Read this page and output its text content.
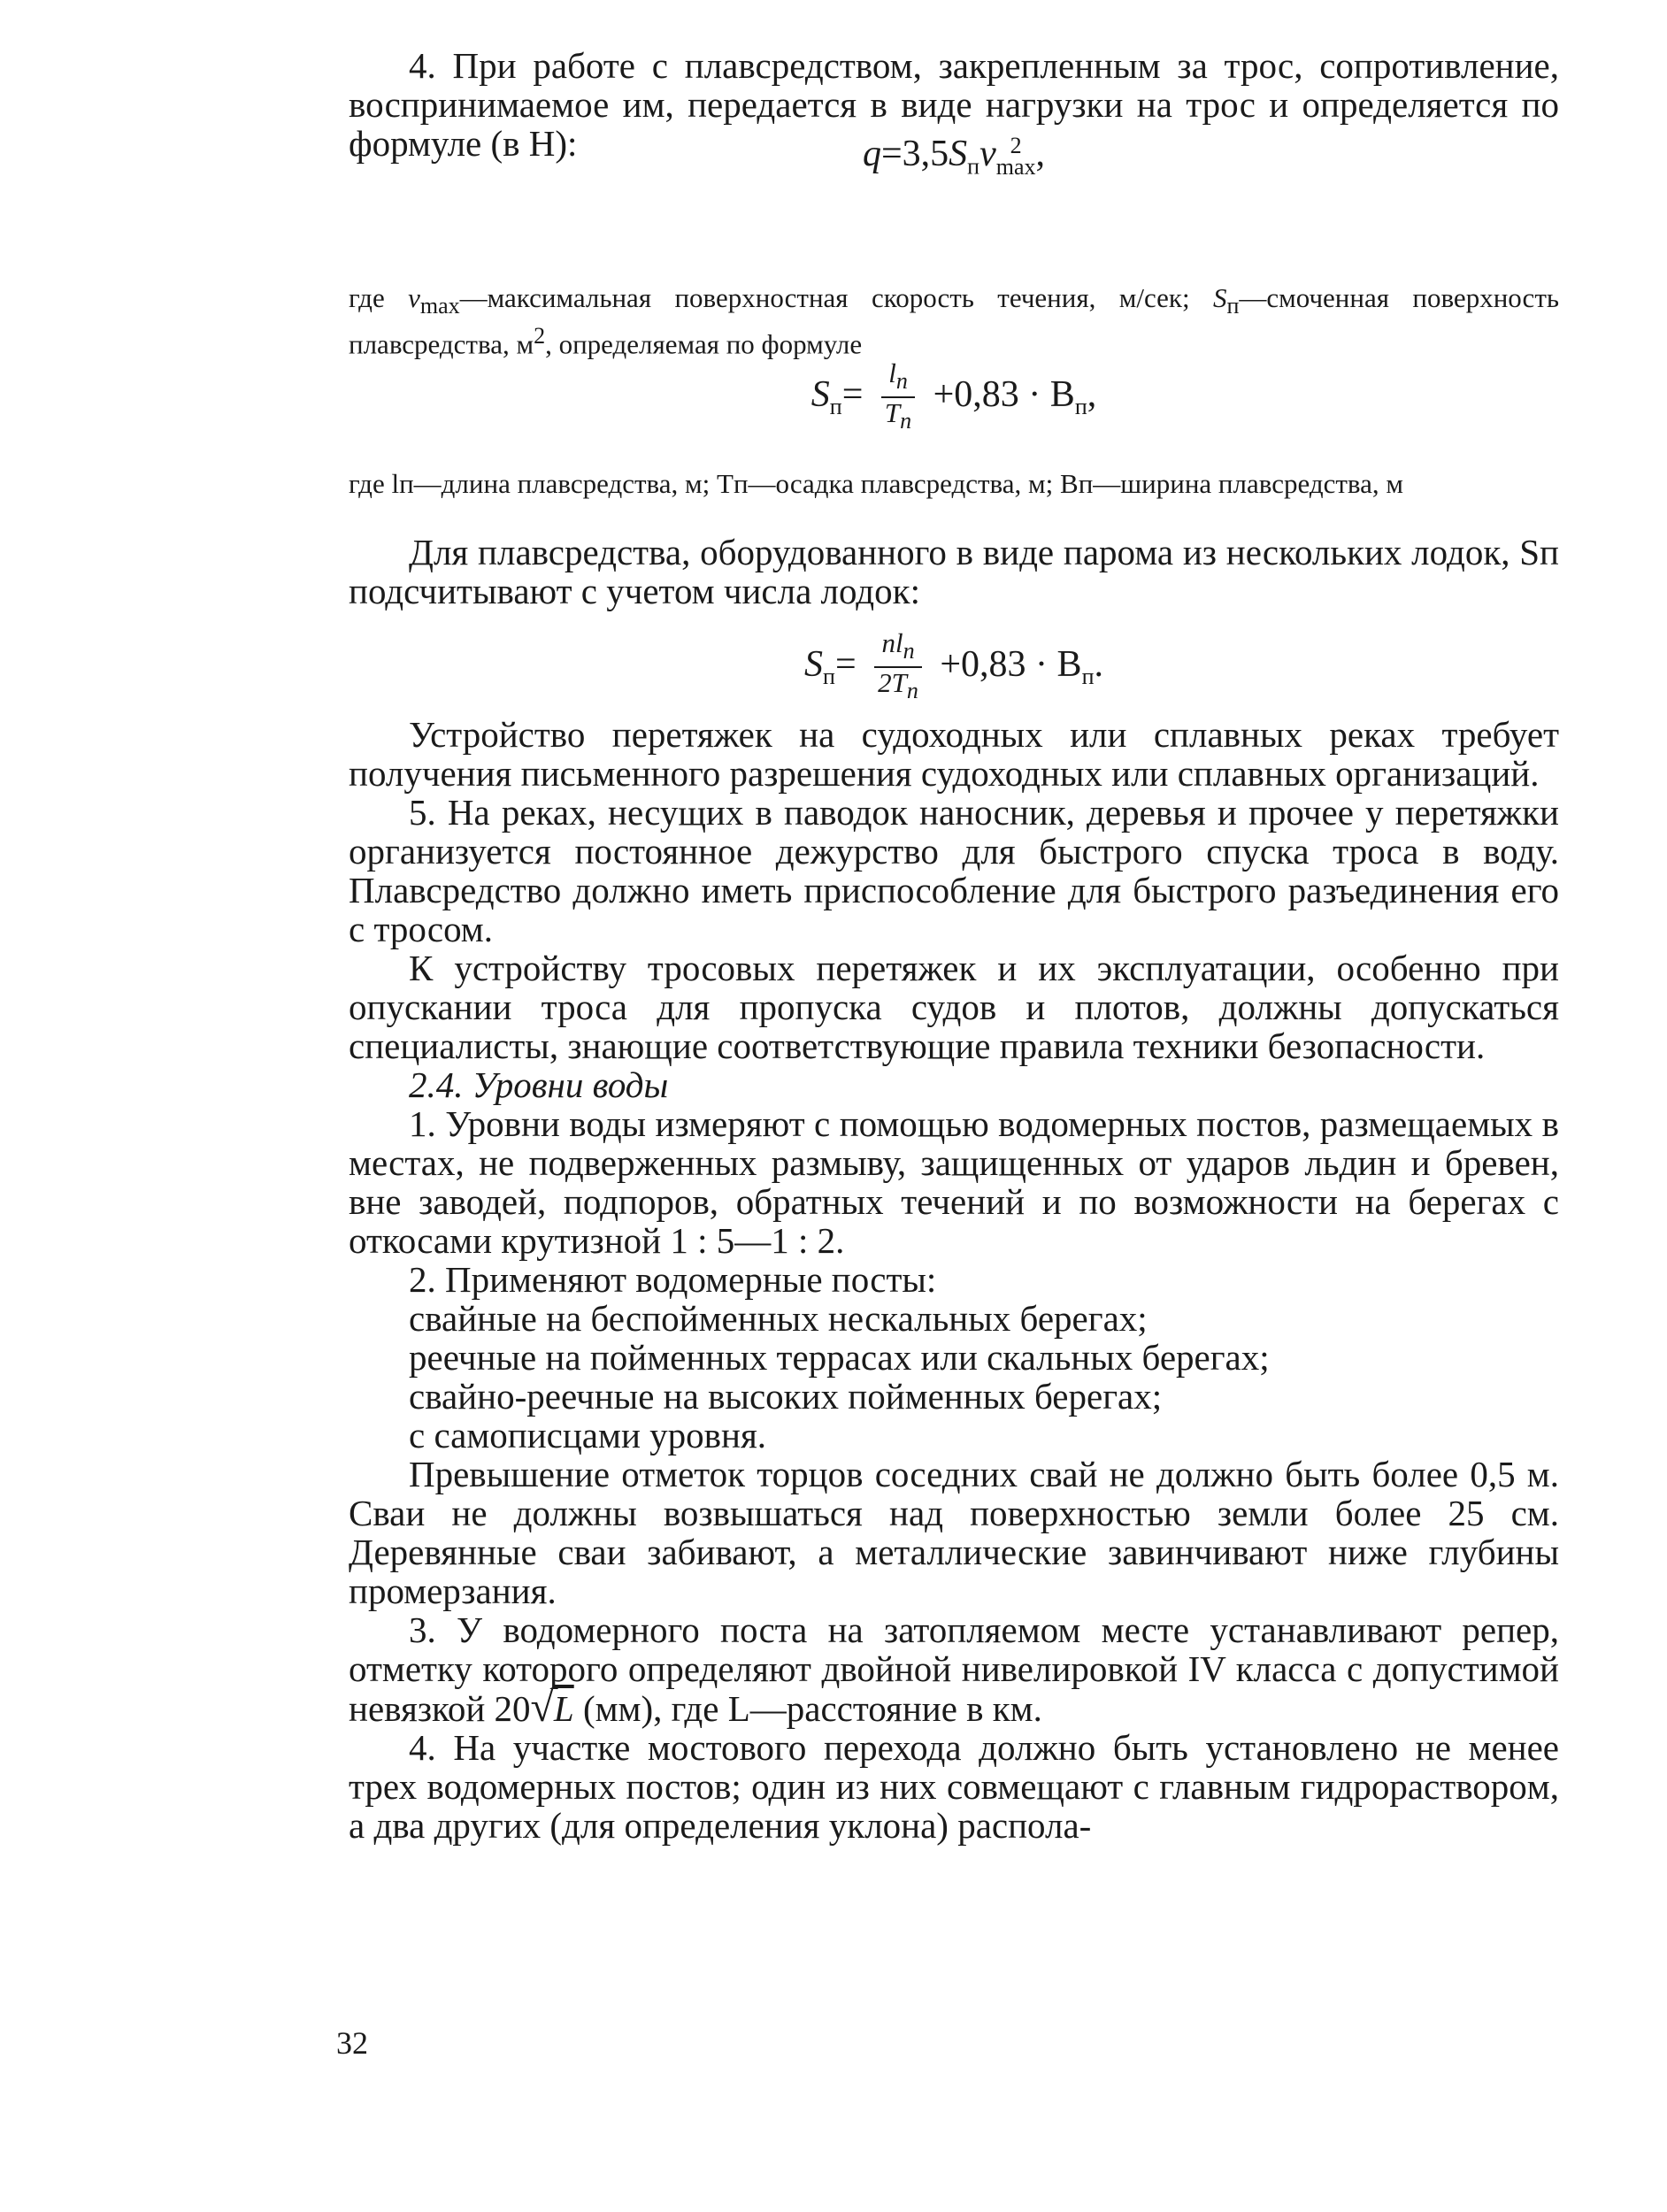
4. При работе с плавсредством, закрепленным за трос, сопротивление, воспринимаемое им, передается в виде нагрузки на трос и определяется по формуле (в Н):	$q=3,5S_пv$ 2
max ,

где $v_{max}—максимальная$ поверхностная скорость течения, м/сек; $S_п—смоченная$ поверхность плавсредства, $м^2$, определяемая по формуле

$S_п= \frac{l_п}{T_п} +0,83 \cdot В_п$,

где lп—длина плавсредства, м; Tп—осадка плавсредства, м; Вп—ширина плавсредства, м

Для плавсредства, оборудованного в виде парома из нескольких лодок, Sп подсчитывают с учетом числа лодок:

$S_п= \frac{nl_п}{2T_п} +0,83 \cdot В_п$.

Устройство перетяжек на судоходных или сплавных реках требует получения письменного разрешения судоходных или сплавных организаций.

5. На реках, несущих в паводок наносник, деревья и прочее у перетяжки организуется постоянное дежурство для быстрого спуска троса в воду. Плавсредство должно иметь приспособление для быстрого разъединения его с тросом.

К устройству тросовых перетяжек и их эксплуатации, особенно при опускании троса для пропуска судов и плотов, должны допускаться специалисты, знающие соответствующие правила техники безопасности.

2.4. Уровни воды

1. Уровни воды измеряют с помощью водомерных постов, размещаемых в местах, не подверженных размыву, защищенных от ударов льдин и бревен, вне заводей, подпоров, обратных течений и по возможности на берегах с откосами крутизной 1 : 5—1 : 2.

2. Применяют водомерные посты:

свайные на беспойменных нескальных берегах;

реечные на пойменных террасах или скальных берегах;

свайно-реечные на высоких пойменных берегах;

с самописцами уровня.

Превышение отметок торцов соседних свай не должно быть более 0,5 м. Сваи не должны возвышаться над поверхностью земли более 25 см. Деревянные сваи забивают, а металлические завинчивают ниже глубины промерзания.

3. У водомерного поста на затопляемом месте устанавливают репер, отметку которого определяют двойной нивелировкой IV класса с допустимой невязкой 20√L (мм), где L—расстояние в км.

4. На участке мостового перехода должно быть установлено не менее трех водомерных постов; один из них совмещают с главным гидрорастворoм, а два других (для определения уклона) распола-

32
